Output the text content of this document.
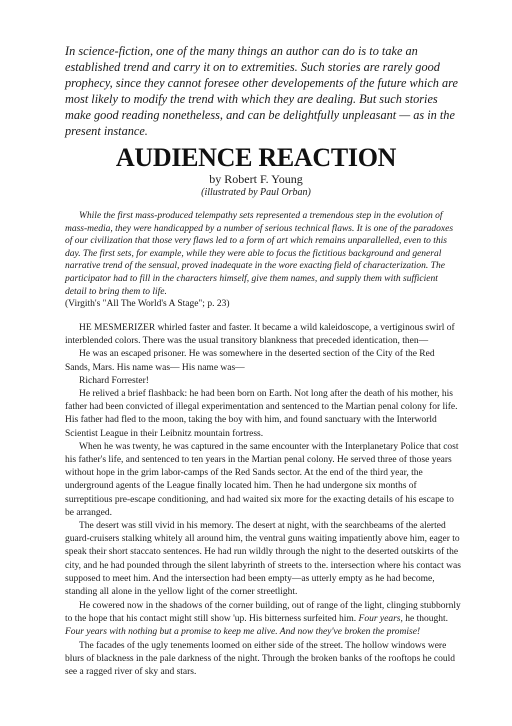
In science-fiction, one of the many things an author can do is to take an established trend and carry it on to extremities. Such stories are rarely good prophecy, since they cannot foresee other developements of the future which are most likely to modify the trend with which they are dealing. But such stories make good reading nonetheless, and can be delightfully unpleasant — as in the present instance.

AUDIENCE REACTION

by Robert F. Young

(illustrated by Paul Orban)

While the first mass-produced telempathy sets represented a tremendous step in the evolution of mass-media, they were handicapped by a number of serious technical flaws. It is one of the paradoxes of our civilization that those very flaws led to a form of art which remains unparallelled, even to this day. The first sets, for example, while they were able to focus the fictitious background and general narrative trend of the sensual, proved inadequate in the wore exacting field of characterization. The participator had to fill in the characters himself, give them names, and supply them with sufficient detail to bring them to life.

(Virgith's "All The World's A Stage"; p. 23)

HE MESMERIZER whirled faster and faster. It became a wild kaleidoscope, a vertiginous swirl of interblended colors. There was the usual transitory blankness that preceded identication, then—

He was an escaped prisoner. He was somewhere in the deserted section of the City of the Red Sands, Mars. His name was— His name was—

Richard Forrester!

He relived a brief flashback: he had been born on Earth. Not long after the death of his mother, his father had been convicted of illegal experimentation and sentenced to the Martian penal colony for life. His father had fled to the moon, taking the boy with him, and found sanctuary with the Interworld Scientist League in their Leibnitz mountain fortress.

When he was twenty, he was captured in the same encounter with the Interplanetary Police that cost his father's life, and sentenced to ten years in the Martian penal colony. He served three of those years without hope in the grim labor-camps of the Red Sands sector. At the end of the third year, the underground agents of the League finally located him. Then he had undergone six months of surreptitious pre-escape conditioning, and had waited six more for the exacting details of his escape to be arranged.

The desert was still vivid in his memory. The desert at night, with the searchbeams of the alerted guard-cruisers stalking whitely all around him, the ventral guns waiting impatiently above him, eager to speak their short staccato sentences. He had run wildly through the night to the deserted outskirts of the city, and he had pounded through the silent labyrinth of streets to the. intersection where his contact was supposed to meet him. And the intersection had been empty—as utterly empty as he had become, standing all alone in the yellow light of the corner streetlight.

He cowered now in the shadows of the corner building, out of range of the light, clinging stubbornly to the hope that his contact might still show 'up. His bitterness surfeited him. Four years, he thought. Four years with nothing but a promise to keep me alive. And now they've broken the promise!

The facades of the ugly tenements loomed on either side of the street. The hollow windows were blurs of blackness in the pale darkness of the night. Through the broken banks of the rooftops he could see a ragged river of sky and stars.
